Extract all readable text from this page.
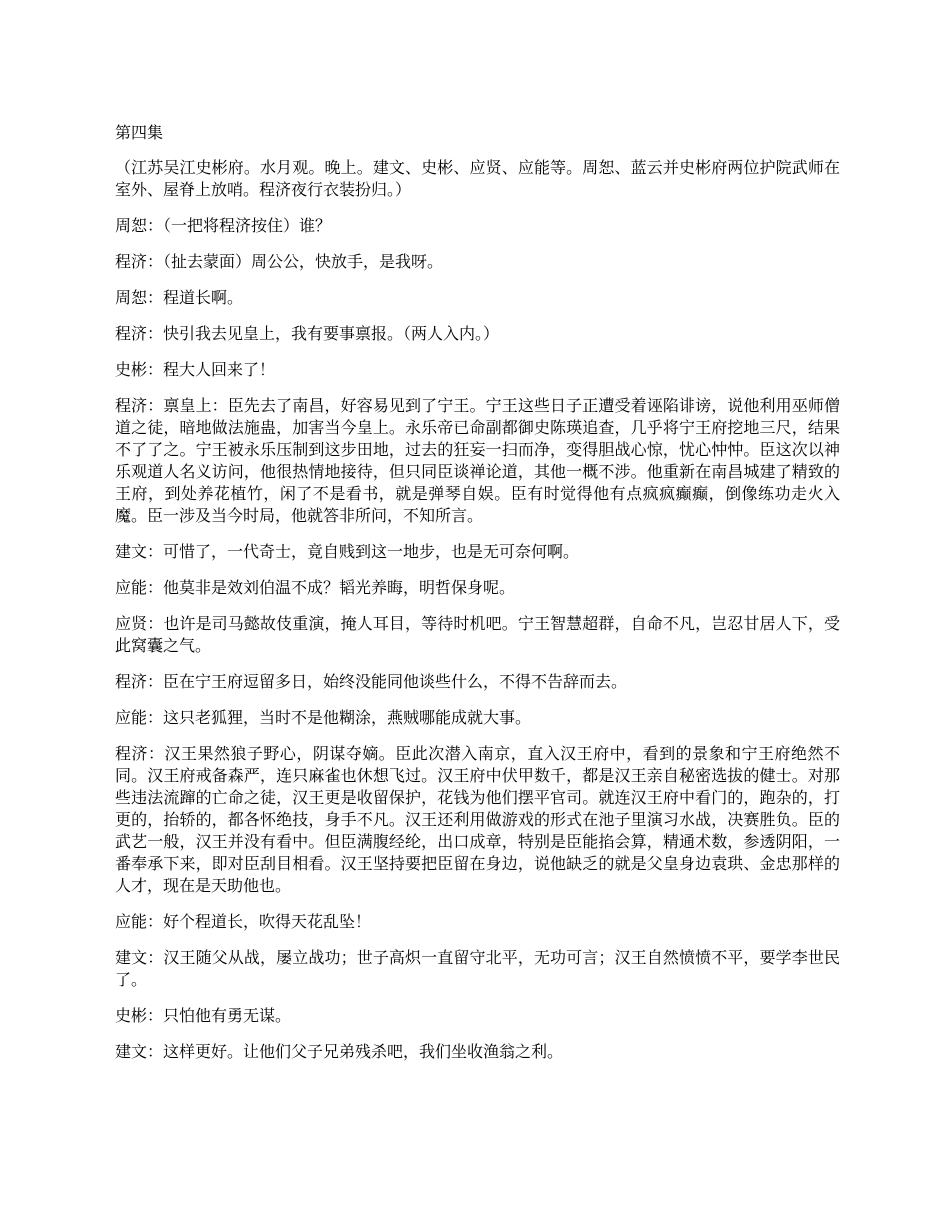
第四集

（江苏吴江史彬府。水月观。晚上。建文、史彬、应贤、应能等。周恕、蓝云并史彬府两位护院武师在室外、屋脊上放哨。程济夜行衣装扮归。）

周恕：（一把将程济按住）谁？

程济：（扯去蒙面）周公公，快放手，是我呀。

周恕：程道长啊。

程济：快引我去见皇上，我有要事禀报。（两人入内。）

史彬：程大人回来了！

程济：禀皇上：臣先去了南昌，好容易见到了宁王。宁王这些日子正遭受着诬陷诽谤，说他利用巫师僧道之徒，暗地做法施蛊，加害当今皇上。永乐帝已命副都御史陈瑛追查，几乎将宁王府挖地三尺，结果不了了之。宁王被永乐压制到这步田地，过去的狂妄一扫而净，变得胆战心惊，忧心忡忡。臣这次以神乐观道人名义访问，他很热情地接待，但只同臣谈禅论道，其他一概不涉。他重新在南昌城建了精致的王府，到处养花植竹，闲了不是看书，就是弹琴自娱。臣有时觉得他有点疯疯癫癫，倒像练功走火入魔。臣一涉及当今时局，他就答非所问，不知所言。

建文：可惜了，一代奇士，竟自贱到这一地步，也是无可奈何啊。

应能：他莫非是效刘伯温不成？韬光养晦，明哲保身呢。

应贤：也许是司马懿故伎重演，掩人耳目，等待时机吧。宁王智慧超群，自命不凡，岂忍甘居人下，受此窝囊之气。

程济：臣在宁王府逗留多日，始终没能同他谈些什么，不得不告辞而去。

应能：这只老狐狸，当时不是他糊涂，燕贼哪能成就大事。

程济：汉王果然狼子野心，阴谋夺嫡。臣此次潜入南京，直入汉王府中，看到的景象和宁王府绝然不同。汉王府戒备森严，连只麻雀也休想飞过。汉王府中伏甲数千，都是汉王亲自秘密选拔的健士。对那些违法流蹿的亡命之徒，汉王更是收留保护，花钱为他们摆平官司。就连汉王府中看门的，跑杂的，打更的，抬轿的，都各怀绝技，身手不凡。汉王还利用做游戏的形式在池子里演习水战，决赛胜负。臣的武艺一般，汉王并没有看中。但臣满腹经纶，出口成章，特别是臣能掐会算，精通术数，参透阴阳，一番奉承下来，即对臣刮目相看。汉王坚持要把臣留在身边，说他缺乏的就是父皇身边袁珙、金忠那样的人才，现在是天助他也。

应能：好个程道长，吹得天花乱坠！

建文：汉王随父从战，屡立战功；世子高炽一直留守北平，无功可言；汉王自然愤愤不平，要学李世民了。

史彬：只怕他有勇无谋。

建文：这样更好。让他们父子兄弟残杀吧，我们坐收渔翁之利。
